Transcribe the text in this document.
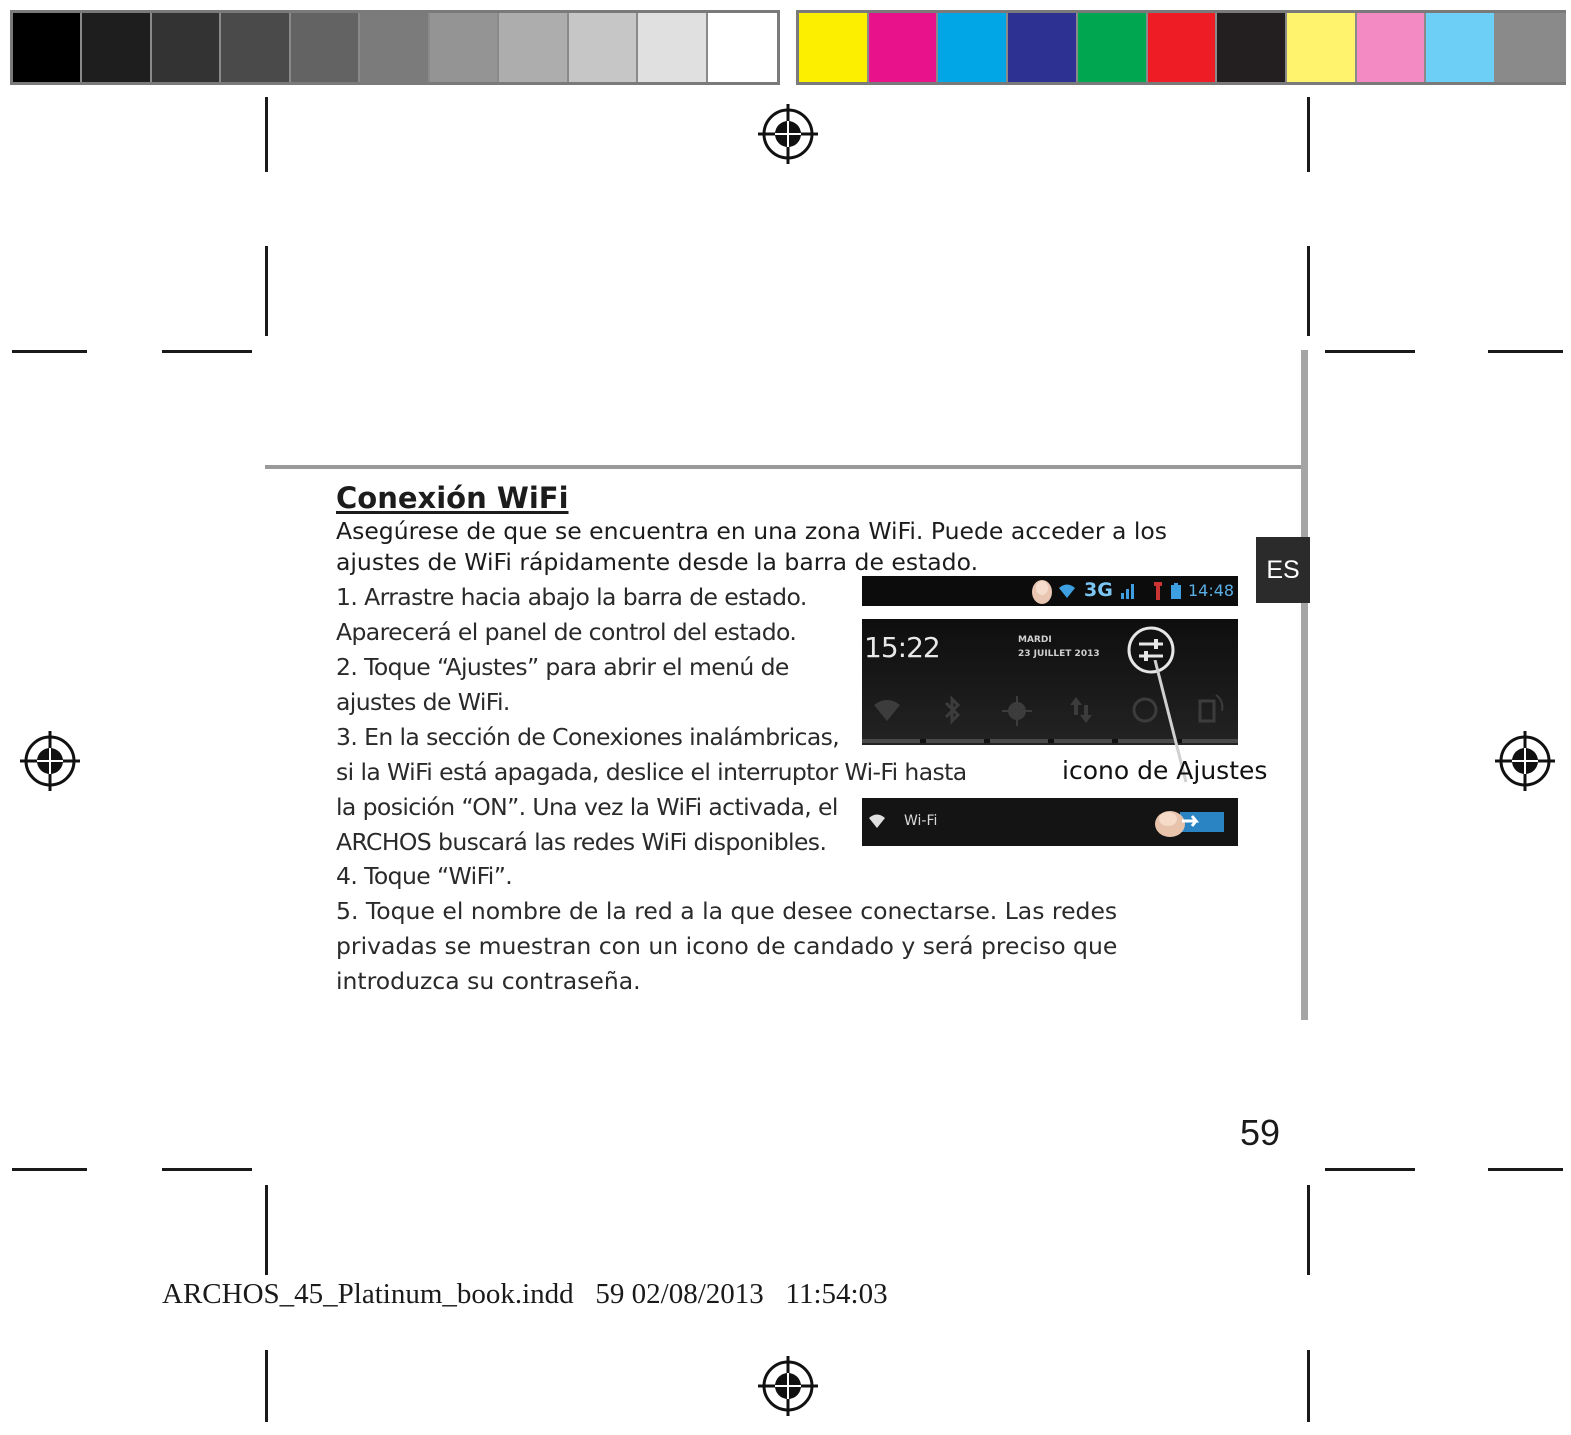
ES
Conexión WiFi

Asegúrese de que se encuentra en una zona WiFi. Puede acceder a los

ajustes de WiFi rápidamente desde la barra de estado.

1. Arrastre hacia abajo la barra de estado.

Aparecerá el panel de control del estado.

2. Toque “Ajustes” para abrir el menú de

ajustes de WiFi.

3. En la sección de Conexiones inalámbricas,

si la WiFi está apagada, deslice el interruptor Wi-Fi hasta

la posición “ON”. Una vez la WiFi activada, el

ARCHOS buscará las redes WiFi disponibles.

4. Toque “WiFi”.

5. Toque el nombre de la red a la que desee conectarse. Las redes

privadas se muestran con un icono de candado y será preciso que

introduzca su contraseña.

3G	14:48
15:22	MARDI
23 JUILLET 2013
icono de Ajustes
Wi-Fi
59
ARCHOS_45_Platinum_book.indd   59 02/08/2013   11:54:03
